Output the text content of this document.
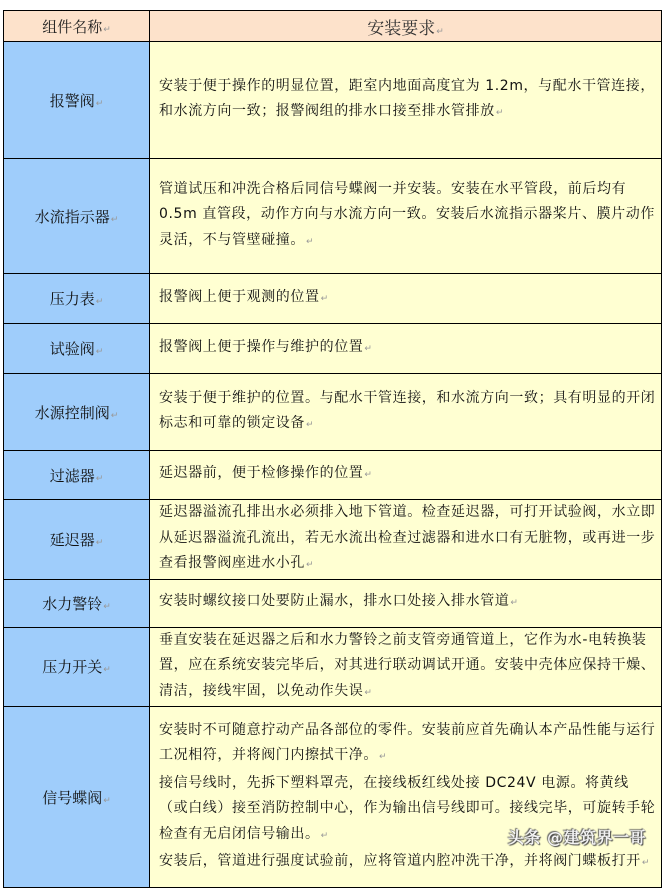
组件名称↵	安装要求↵
报警阀↵	安装于便于操作的明显位置，距室内地面高度宜为 1.2m，与配水干管连接，和水流方向一致；报警阀组的排水口接至排水管排放↵

水流指示器↵	管道试压和冲洗合格后同信号蝶阀一并安装。安装在水平管段，前后均有 0.5m 直管段，动作方向与水流方向一致。安装后水流指示器桨片、膜片动作灵活，不与管壁碰撞。↵

压力表↵	报警阀上便于观测的位置↵

试验阀↵	报警阀上便于操作与维护的位置↵

水源控制阀↵	安装于便于维护的位置。与配水干管连接，和水流方向一致；具有明显的开闭标志和可靠的锁定设备↵

过滤器↵	延迟器前，便于检修操作的位置↵

延迟器↵	延迟器溢流孔排出水必须排入地下管道。检查延迟器，可打开试验阀，水立即从延迟器溢流孔流出，若无水流出检查过滤器和进水口有无脏物，或再进一步查看报警阀座进水小孔↵

水力警铃↵	安装时螺纹接口处要防止漏水，排水口处接入排水管道↵

压力开关↵	垂直安装在延迟器之后和水力警铃之前支管旁通管道上，它作为水-电转换装置，应在系统安装完毕后，对其进行联动调试开通。安装中壳体应保持干燥、清洁，接线牢固，以免动作失误↵

信号蝶阀↵	安装时不可随意拧动产品各部位的零件。安装前应首先确认本产品性能与运行工况相符，并将阀门内擦拭干净。↵

接信号线时，先拆下塑料罩壳，在接线板红线处接 DC24V 电源。将黄线（或白线）接至消防控制中心，作为输出信号线即可。接线完毕，可旋转手轮检查有无启闭信号输出。↵

安装后，管道进行强度试验前，应将管道内腔冲洗干净，并将阀门蝶板打开↵

头条 @建筑界一哥
